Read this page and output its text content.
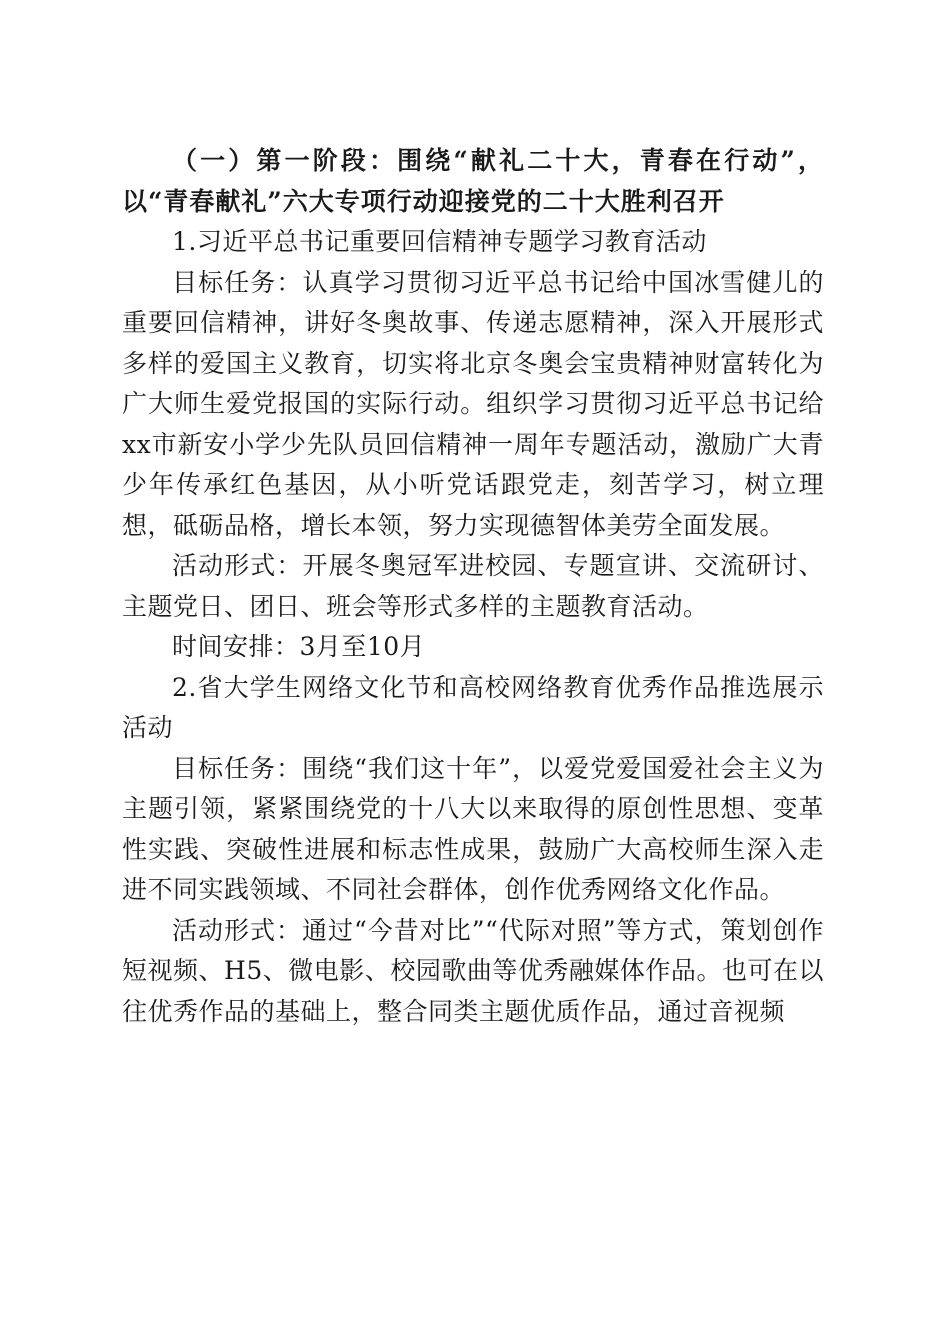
（一）第一阶段：围绕“献礼二十大，青春在行动”，以“青春献礼”六大专项行动迎接党的二十大胜利召开

1.习近平总书记重要回信精神专题学习教育活动

目标任务：认真学习贯彻习近平总书记给中国冰雪健儿的重要回信精神，讲好冬奥故事、传递志愿精神，深入开展形式多样的爱国主义教育，切实将北京冬奥会宝贵精神财富转化为广大师生爱党报国的实际行动。组织学习贯彻习近平总书记给xx市新安小学少先队员回信精神一周年专题活动，激励广大青少年传承红色基因，从小听党话跟党走，刻苦学习，树立理想，砥砺品格，增长本领，努力实现德智体美劳全面发展。

活动形式：开展冬奥冠军进校园、专题宣讲、交流研讨、主题党日、团日、班会等形式多样的主题教育活动。

时间安排：3月至10月

2.省大学生网络文化节和高校网络教育优秀作品推选展示活动

目标任务：围绕“我们这十年”，以爱党爱国爱社会主义为主题引领，紧紧围绕党的十八大以来取得的原创性思想、变革性实践、突破性进展和标志性成果，鼓励广大高校师生深入走进不同实践领域、不同社会群体，创作优秀网络文化作品。

活动形式：通过“今昔对比”“代际对照”等方式，策划创作短视频、H5、微电影、校园歌曲等优秀融媒体作品。也可在以往优秀作品的基础上，整合同类主题优质作品，通过音视频
